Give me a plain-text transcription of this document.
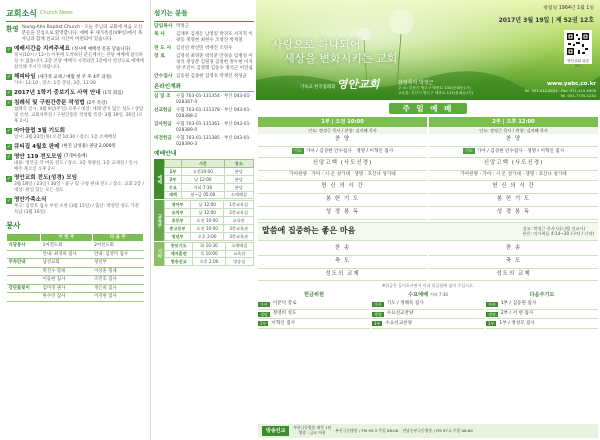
교회소식 Church News
환영 Young-Ahn Baptist Church · 오늘 주님의 교회에 처음 오신 분들을 진심으로 환영합니다. 예배 후 새가족실(VIP실)에서 목사님과 함께 친교의 시간이 마련되어 있습니다.
✓ 예배시간을 지켜주세요 (정시에 예배실 문을 닫습니다)
정시(10시 / 12시) 이후에 도착하신 분들께서는 본당 예배에 참석하실 수 없습니다. 2층 본당 예배가 시작되면 1층에서 영상으로 예배에 참석해 주시기 바랍니다.
✓ 해피타임 (새가족 교제 / 매월 첫 주 후 4주 과정)
가수: 11:10 , 장소: 1층 본당, 3층, 11:30
✓ 2017년 1학기 중보기도 사역 안내 (1학 회집)
✓ 침례식 및 구원간증문 작성법 (2주 특강)
침례식 일시: 4월 9일(주일) 오후 / 대상: 세례 받지 않은 성도 / 상담 및 신청: 교회사무실 / 구원간증문 작성법 특강: 3월 19일, 26일 (오후 2시)
✓ 마아클럽 3월 기도회
일시: 3월 23일(목) 오전 10:30 / 장소: 1층 소예배실
✓ 큐티집 4월호 판매 (현진 남성용) 권당 2,000원
✓ 영안 119 전도모임 (7개마을에)
내용: 영안군 각 마을 전도 / 장소: 3층 목양실, 1층 교제실 / 일시: 매주 목요일 오후 2시
✓ 영안교회 전도(성경) 모임
3월 18일 / 23일 / 30일 - 중구 및 구청 관내 전도 / 장소: 교회 2층 / 대상: 관심 있는 모든 성도
✓ 영안가족소식
부고: 김영호 집사 부친 소천 (3월 15일) / 출산: 박성민 성도 가정 득남 (3월 16일)
봉사
	이 번 주	다 음 주
식당봉사	1여전도회	2여전도회
	안내: 최경희 집사	안내: 김영미 집사
주차안내	남선교회	청년부
	박진수 형제	이상훈 형제
	이동현 집사	조민호 집사
강단꽃꽂이	김미경 권사	정은희 집사
	한수연 집사	이지현 집사
섬기는 분들
담임목사 박정근
목 사	김재무 김재돈 남영일 박경호 서지혁 이광동 정영현 최현수 조영진 박재철
전 도 사	김선연 박선민 박재진 조민우
장 로	김영성 최영준 박석준 안정승 임병성 이경석 정상분 김원경 김정현 정두현 이지양 주진이 김영래 김동수 정석근 이연섭
안수집사 김동원 김종현 김영호 박재신 정성균
온라인계좌
십 일 조	수협 703-01-131354 · 부산 043-01-028387-4
선교헌금 수협 703-01-131378 · 부산 043-01-028388-2
감사헌금 수협 703-01-131361 · 부산 043-01-028389-0
비전헌금 수협 703-01-131385 · 부산 043-01-028390-3
예배안내
예배
	시간	장소
1부	오전10:00	본당
2부	낮 12:00	본당
수요	저녁 7:30	본당
새벽	월~금 05:00	소예배실
교육부
영아부	낮 12:00	1층교육실
유치부	낮 12:00	2층교육실
초등부	오전 10:00	교육관
중고등부	오전 10:00	3층교육관
청년부	오후 2:00	3층교육관
기타
중보기도	화 10:30	소예배실
제자훈련	목 10:00	교육관
방송선교	오후 2:00	방송실
창립일 1964년 1월 1일
2017년 3월 19일 | 제 52권 12호
사랑으로 하나되어
세상을 변화시키는 교회	영안교회 큐알코드
기독교 한국침례회 영안교회	담임목사 박정근
주 소: 부산시 영도구 태종로 130(봉래동1가)
교육관: 부산시 영도구 태종로 132(봉래동1가)
www.yabc.co.kr
Tel. 051-412-8191 · Fax. 051-415-0906
Tel. 051-7735-1234
주 일 예 배
1부 | 오전 10:00	2부 | 오후 12:00
인도: 정정근 목사 / 찬양: 김지혜 목사	인도: 정정근 목사 / 찬양: 김지혜 목사
찬 양	찬 양
기도 가아 / 김상현 안수집사 · 생명 / 이혁인 집사	기도 가아 / 김상현 안수집사 · 생명 / 이혁인 집사
신앙고백 (사도신경)	신앙고백 (사도신경)
가아찬양 · 가아 : 시 온 성가대 · 생명 : 호산나 성가대	가아찬양 · 가아 : 시 온 성가대 · 생명 : 호산나 성가대
헌 신 의 시 간	헌 신 의 시 간
봉 헌 기 도	봉 헌 기 도
성 경 봉 독	성 경 봉 독
말씀에 집중하는 좋은 마음	설교: 박정근 목사 (다니엘 선교사)
본문: 마가복음 4:14~20 (구약 / 신약)
찬 송	찬 송
축 도	축 도
성도의 교제	성도의 교제
※헌금은 들어오시면서 미리 헌금함에 넣어 주십시오.
헌금위원
가아	이분덕 장로
생명	정영희 성도
1부	이혁인 집사
수요예배 저녁 7:30
가아	기도 / 정해록 집사
생명	수요선교찬양
1부	수요선교찬양
다음주기도
가아	1부 / 김동원 집사
생명	2부 / 서 현 집사
1부	1부 / 정성모 집사
방송선교	부산극동방송 제작 1년
방송 : 금요 아침	부산극동방송 / FM 93.3 주일 08:00 전남동부극동방송 / FM 97.5 주일 08:00
